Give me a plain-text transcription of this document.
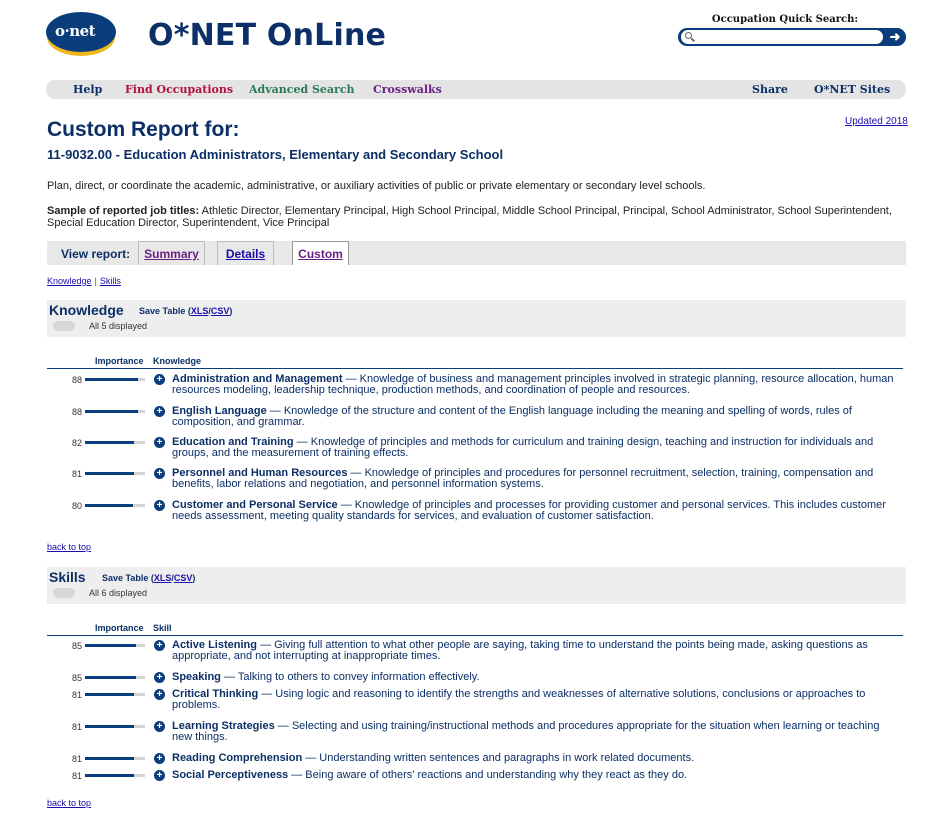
o·net O*NET OnLine	Occupation Quick Search:
➜
Help Find Occupations Advanced Search Crosswalks	Share O*NET Sites
Updated 2018
Custom Report for:
11-9032.00 - Education Administrators, Elementary and Secondary School
Plan, direct, or coordinate the academic, administrative, or auxiliary activities of public or private elementary or secondary level schools.
Sample of reported job titles: Athletic Director, Elementary Principal, High School Principal, Middle School Principal, Principal, School Administrator, School Superintendent, Special Education Director, Superintendent, Vice Principal
View report:	Summary	Details	Custom
Knowledge | Skills
Knowledge Save Table (XLS/CSV)
All 5 displayed
Importance Knowledge
88	+ Administration and Management — Knowledge of business and management principles involved in strategic planning, resource allocation, human resources modeling, leadership technique, production methods, and coordination of people and resources.
88	+ English Language — Knowledge of the structure and content of the English language including the meaning and spelling of words, rules of composition, and grammar.
82	+ Education and Training — Knowledge of principles and methods for curriculum and training design, teaching and instruction for individuals and groups, and the measurement of training effects.
81	+ Personnel and Human Resources — Knowledge of principles and procedures for personnel recruitment, selection, training, compensation and benefits, labor relations and negotiation, and personnel information systems.
80	+ Customer and Personal Service — Knowledge of principles and processes for providing customer and personal services. This includes customer needs assessment, meeting quality standards for services, and evaluation of customer satisfaction.
back to top
Skills Save Table (XLS/CSV)
All 6 displayed
Importance Skill
85	+ Active Listening — Giving full attention to what other people are saying, taking time to understand the points being made, asking questions as appropriate, and not interrupting at inappropriate times.
85	+ Speaking — Talking to others to convey information effectively.
81	+ Critical Thinking — Using logic and reasoning to identify the strengths and weaknesses of alternative solutions, conclusions or approaches to problems.
81	+ Learning Strategies — Selecting and using training/instructional methods and procedures appropriate for the situation when learning or teaching new things.
81	+ Reading Comprehension — Understanding written sentences and paragraphs in work related documents.
81	+ Social Perceptiveness — Being aware of others' reactions and understanding why they react as they do.
back to top
